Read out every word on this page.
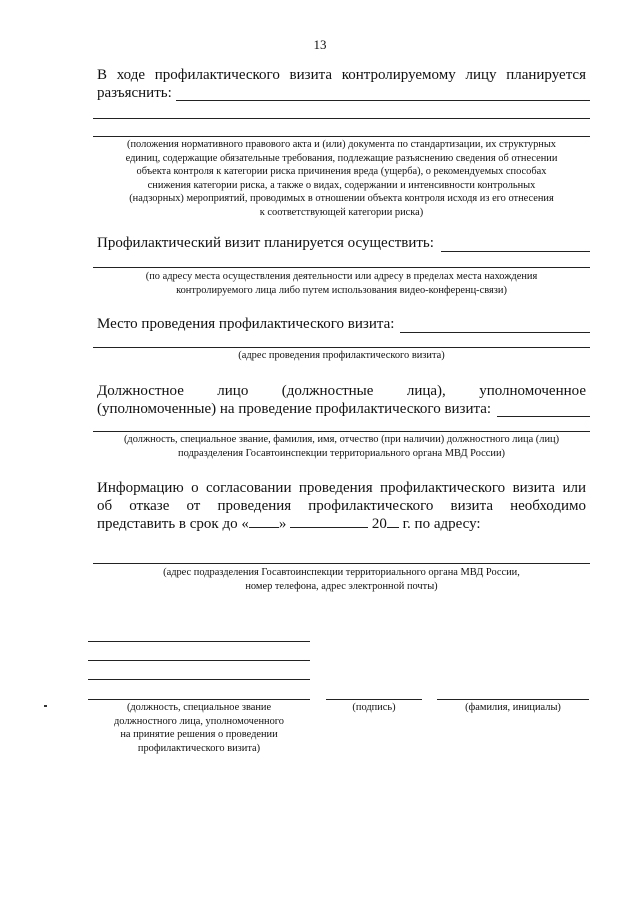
13
В ходе профилактического визита контролируемому лицу планируется
разъяснить:
(положения нормативного правового акта и (или) документа по стандартизации, их структурных
единиц, содержащие обязательные требования, подлежащие разъяснению сведения об отнесении
объекта контроля к категории риска причинения вреда (ущерба), о рекомендуемых способах
снижения категории риска, а также о видах, содержании и интенсивности контрольных
(надзорных) мероприятий, проводимых в отношении объекта контроля исходя из его отнесения
к соответствующей категории риска)
Профилактический визит планируется осуществить:
(по адресу места осуществления деятельности или адресу в пределах места нахождения
контролируемого лица либо путем использования видео-конференц-связи)
Место проведения профилактического визита:
(адрес проведения профилактического визита)
Должностное лицо (должностные лица), уполномоченное
(уполномоченные) на проведение профилактического визита:
(должность, специальное звание, фамилия, имя, отчество (при наличии) должностного лица (лиц)
подразделения Госавтоинспекции территориального органа МВД России)
Информацию о согласовании проведения профилактического визита или
об отказе от проведения профилактического визита необходимо
представить в срок до « »	20 г. по адресу:
(адрес подразделения Госавтоинспекции территориального органа МВД России,
номер телефона, адрес электронной почты)
(должность, специальное звание
должностного лица, уполномоченного
на принятие решения о проведении
профилактического визита)
(подпись)	(фамилия, инициалы)
